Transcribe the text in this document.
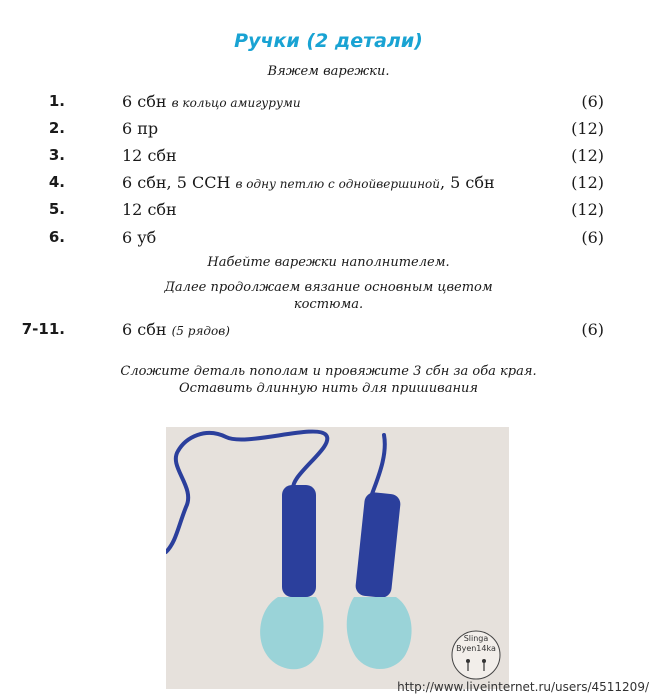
Ручки (2 детали)
Вяжем варежки.
1.	6 сбн в кольцо амигуруми	(6)
2.	6 пр	(12)
3.	12 сбн	(12)
4.	6 сбн, 5 ССН в одну петлю с однойвершиной, 5 сбн	(12)
5.	12 сбн	(12)
6.	6 уб	(6)
Набейте варежки наполнителем.
Далее продолжаем вязание основным цветом
костюма.
7-11.	6 сбн (5 рядов)	(6)
Сложите деталь пополам и провяжите 3 сбн за оба края.
Оставить длинную нить для пришивания
Slinga
Byen14ka
http://www.liveinternet.ru/users/4511209/
